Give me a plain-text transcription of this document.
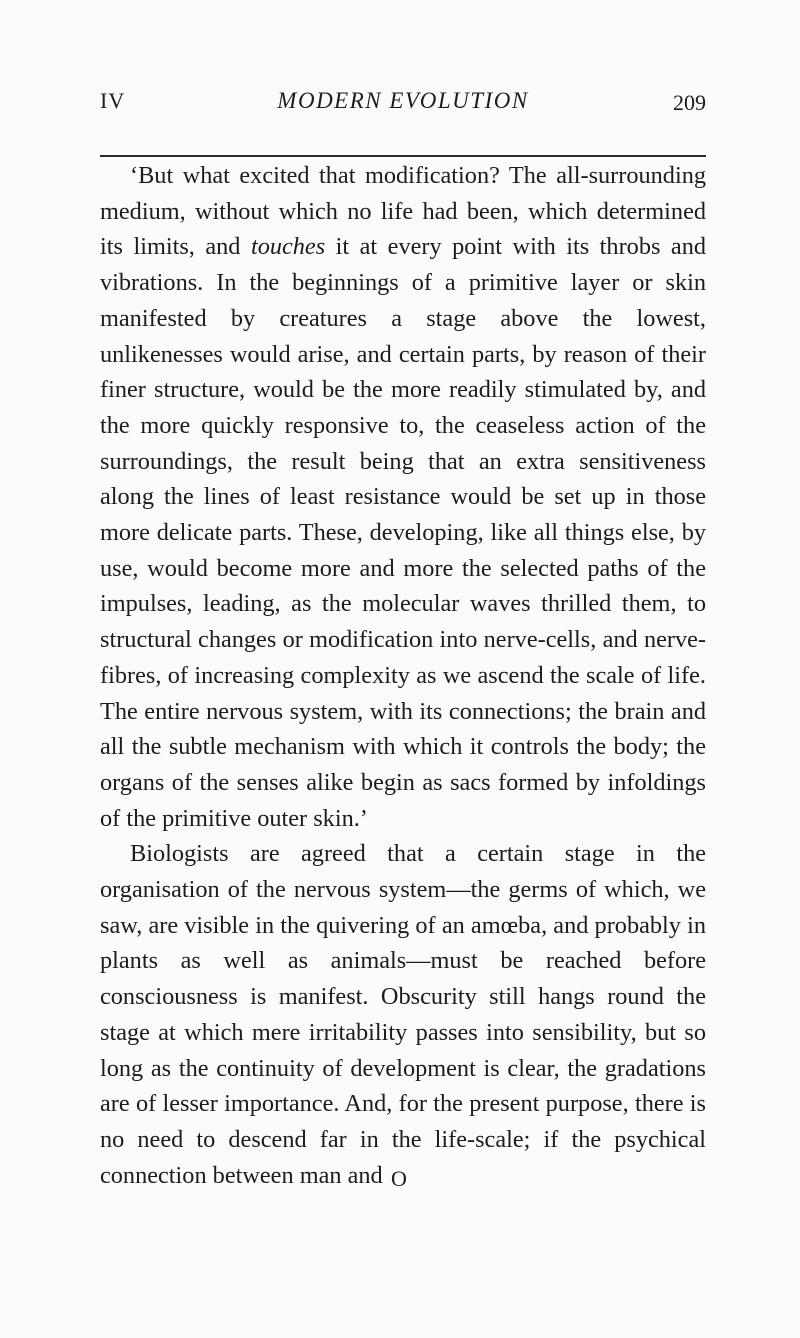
IV	MODERN EVOLUTION	209

‘But what excited that modification? The all-surrounding medium, without which no life had been, which determined its limits, and touches it at every point with its throbs and vibrations. In the beginnings of a primitive layer or skin manifested by creatures a stage above the lowest, unlikenesses would arise, and certain parts, by reason of their finer structure, would be the more readily stimulated by, and the more quickly responsive to, the ceaseless action of the surroundings, the result being that an extra sensitiveness along the lines of least resistance would be set up in those more delicate parts. These, developing, like all things else, by use, would become more and more the selected paths of the impulses, leading, as the molecular waves thrilled them, to structural changes or modification into nerve-cells, and nerve-fibres, of increasing complexity as we ascend the scale of life. The entire nervous system, with its connections; the brain and all the subtle mechanism with which it controls the body; the organs of the senses alike begin as sacs formed by infoldings of the primitive outer skin.’

Biologists are agreed that a certain stage in the organisation of the nervous system—the germs of which, we saw, are visible in the quivering of an amœba, and probably in plants as well as animals—must be reached before consciousness is manifest. Obscurity still hangs round the stage at which mere irritability passes into sensibility, but so long as the continuity of development is clear, the gradations are of lesser importance. And, for the present purpose, there is no need to descend far in the life-scale; if the psychical connection between man and O
